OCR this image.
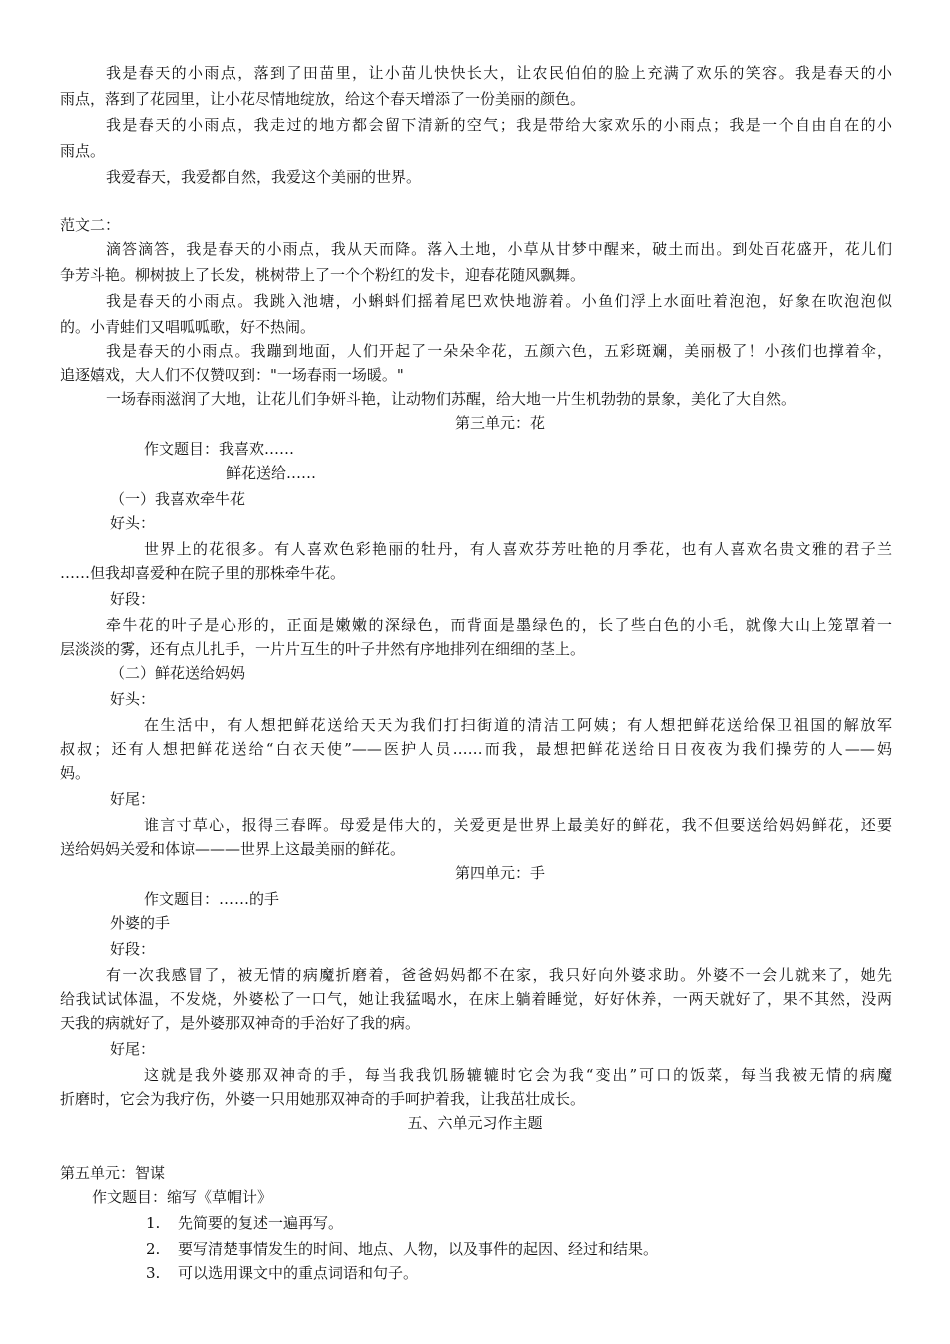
我是春天的小雨点，落到了田苗里，让小苗儿快快长大，让农民伯伯的脸上充满了欢乐的笑容。我是春天的小
雨点，落到了花园里，让小花尽情地绽放，给这个春天增添了一份美丽的颜色。
我是春天的小雨点，我走过的地方都会留下清新的空气；我是带给大家欢乐的小雨点；我是一个自由自在的小
雨点。
我爱春天，我爱都自然，我爱这个美丽的世界。
范文二：
滴答滴答，我是春天的小雨点，我从天而降。落入土地，小草从甘梦中醒来，破土而出。到处百花盛开，花儿们
争芳斗艳。柳树披上了长发，桃树带上了一个个粉红的发卡，迎春花随风飘舞。
我是春天的小雨点。我跳入池塘，小蝌蚪们摇着尾巴欢快地游着。小鱼们浮上水面吐着泡泡，好象在吹泡泡似
的。小青蛙们又唱呱呱歌，好不热闹。
我是春天的小雨点。我蹦到地面，人们开起了一朵朵伞花，五颜六色，五彩斑斓，美丽极了！小孩们也撑着伞，
追逐嬉戏，大人们不仅赞叹到："一场春雨一场暖。"
一场春雨滋润了大地，让花儿们争妍斗艳，让动物们苏醒，给大地一片生机勃勃的景象，美化了大自然。
第三单元：花
作文题目：我喜欢……
鲜花送给……
（一）我喜欢牵牛花
好头：
世界上的花很多。有人喜欢色彩艳丽的牡丹，有人喜欢芬芳吐艳的月季花，也有人喜欢名贵文雅的君子兰
……但我却喜爱种在院子里的那株牵牛花。
好段：
牵牛花的叶子是心形的，正面是嫩嫩的深绿色，而背面是墨绿色的，长了些白色的小毛，就像大山上笼罩着一
层淡淡的雾，还有点儿扎手，一片片互生的叶子井然有序地排列在细细的茎上。
（二）鲜花送给妈妈
好头：
在生活中，有人想把鲜花送给天天为我们打扫街道的清洁工阿姨；有人想把鲜花送给保卫祖国的解放军
叔叔；还有人想把鲜花送给“白衣天使”——医护人员……而我，最想把鲜花送给日日夜夜为我们操劳的人——妈
妈。
好尾：
谁言寸草心，报得三春晖。母爱是伟大的，关爱更是世界上最美好的鲜花，我不但要送给妈妈鲜花，还要
送给妈妈关爱和体谅———世界上这最美丽的鲜花。
第四单元：手
作文题目：……的手
外婆的手
好段：
有一次我感冒了，被无情的病魔折磨着，爸爸妈妈都不在家，我只好向外婆求助。外婆不一会儿就来了，她先
给我试试体温，不发烧，外婆松了一口气，她让我猛喝水，在床上躺着睡觉，好好休养，一两天就好了，果不其然，没两
天我的病就好了，是外婆那双神奇的手治好了我的病。
好尾：
这就是我外婆那双神奇的手，每当我我饥肠辘辘时它会为我“变出”可口的饭菜，每当我被无情的病魔
折磨时，它会为我疗伤，外婆一只用她那双神奇的手呵护着我，让我茁壮成长。
五、六单元习作主题
第五单元：智谋
作文题目：缩写《草帽计》
1. 先简要的复述一遍再写。
2. 要写清楚事情发生的时间、地点、人物，以及事件的起因、经过和结果。
3. 可以选用课文中的重点词语和句子。
